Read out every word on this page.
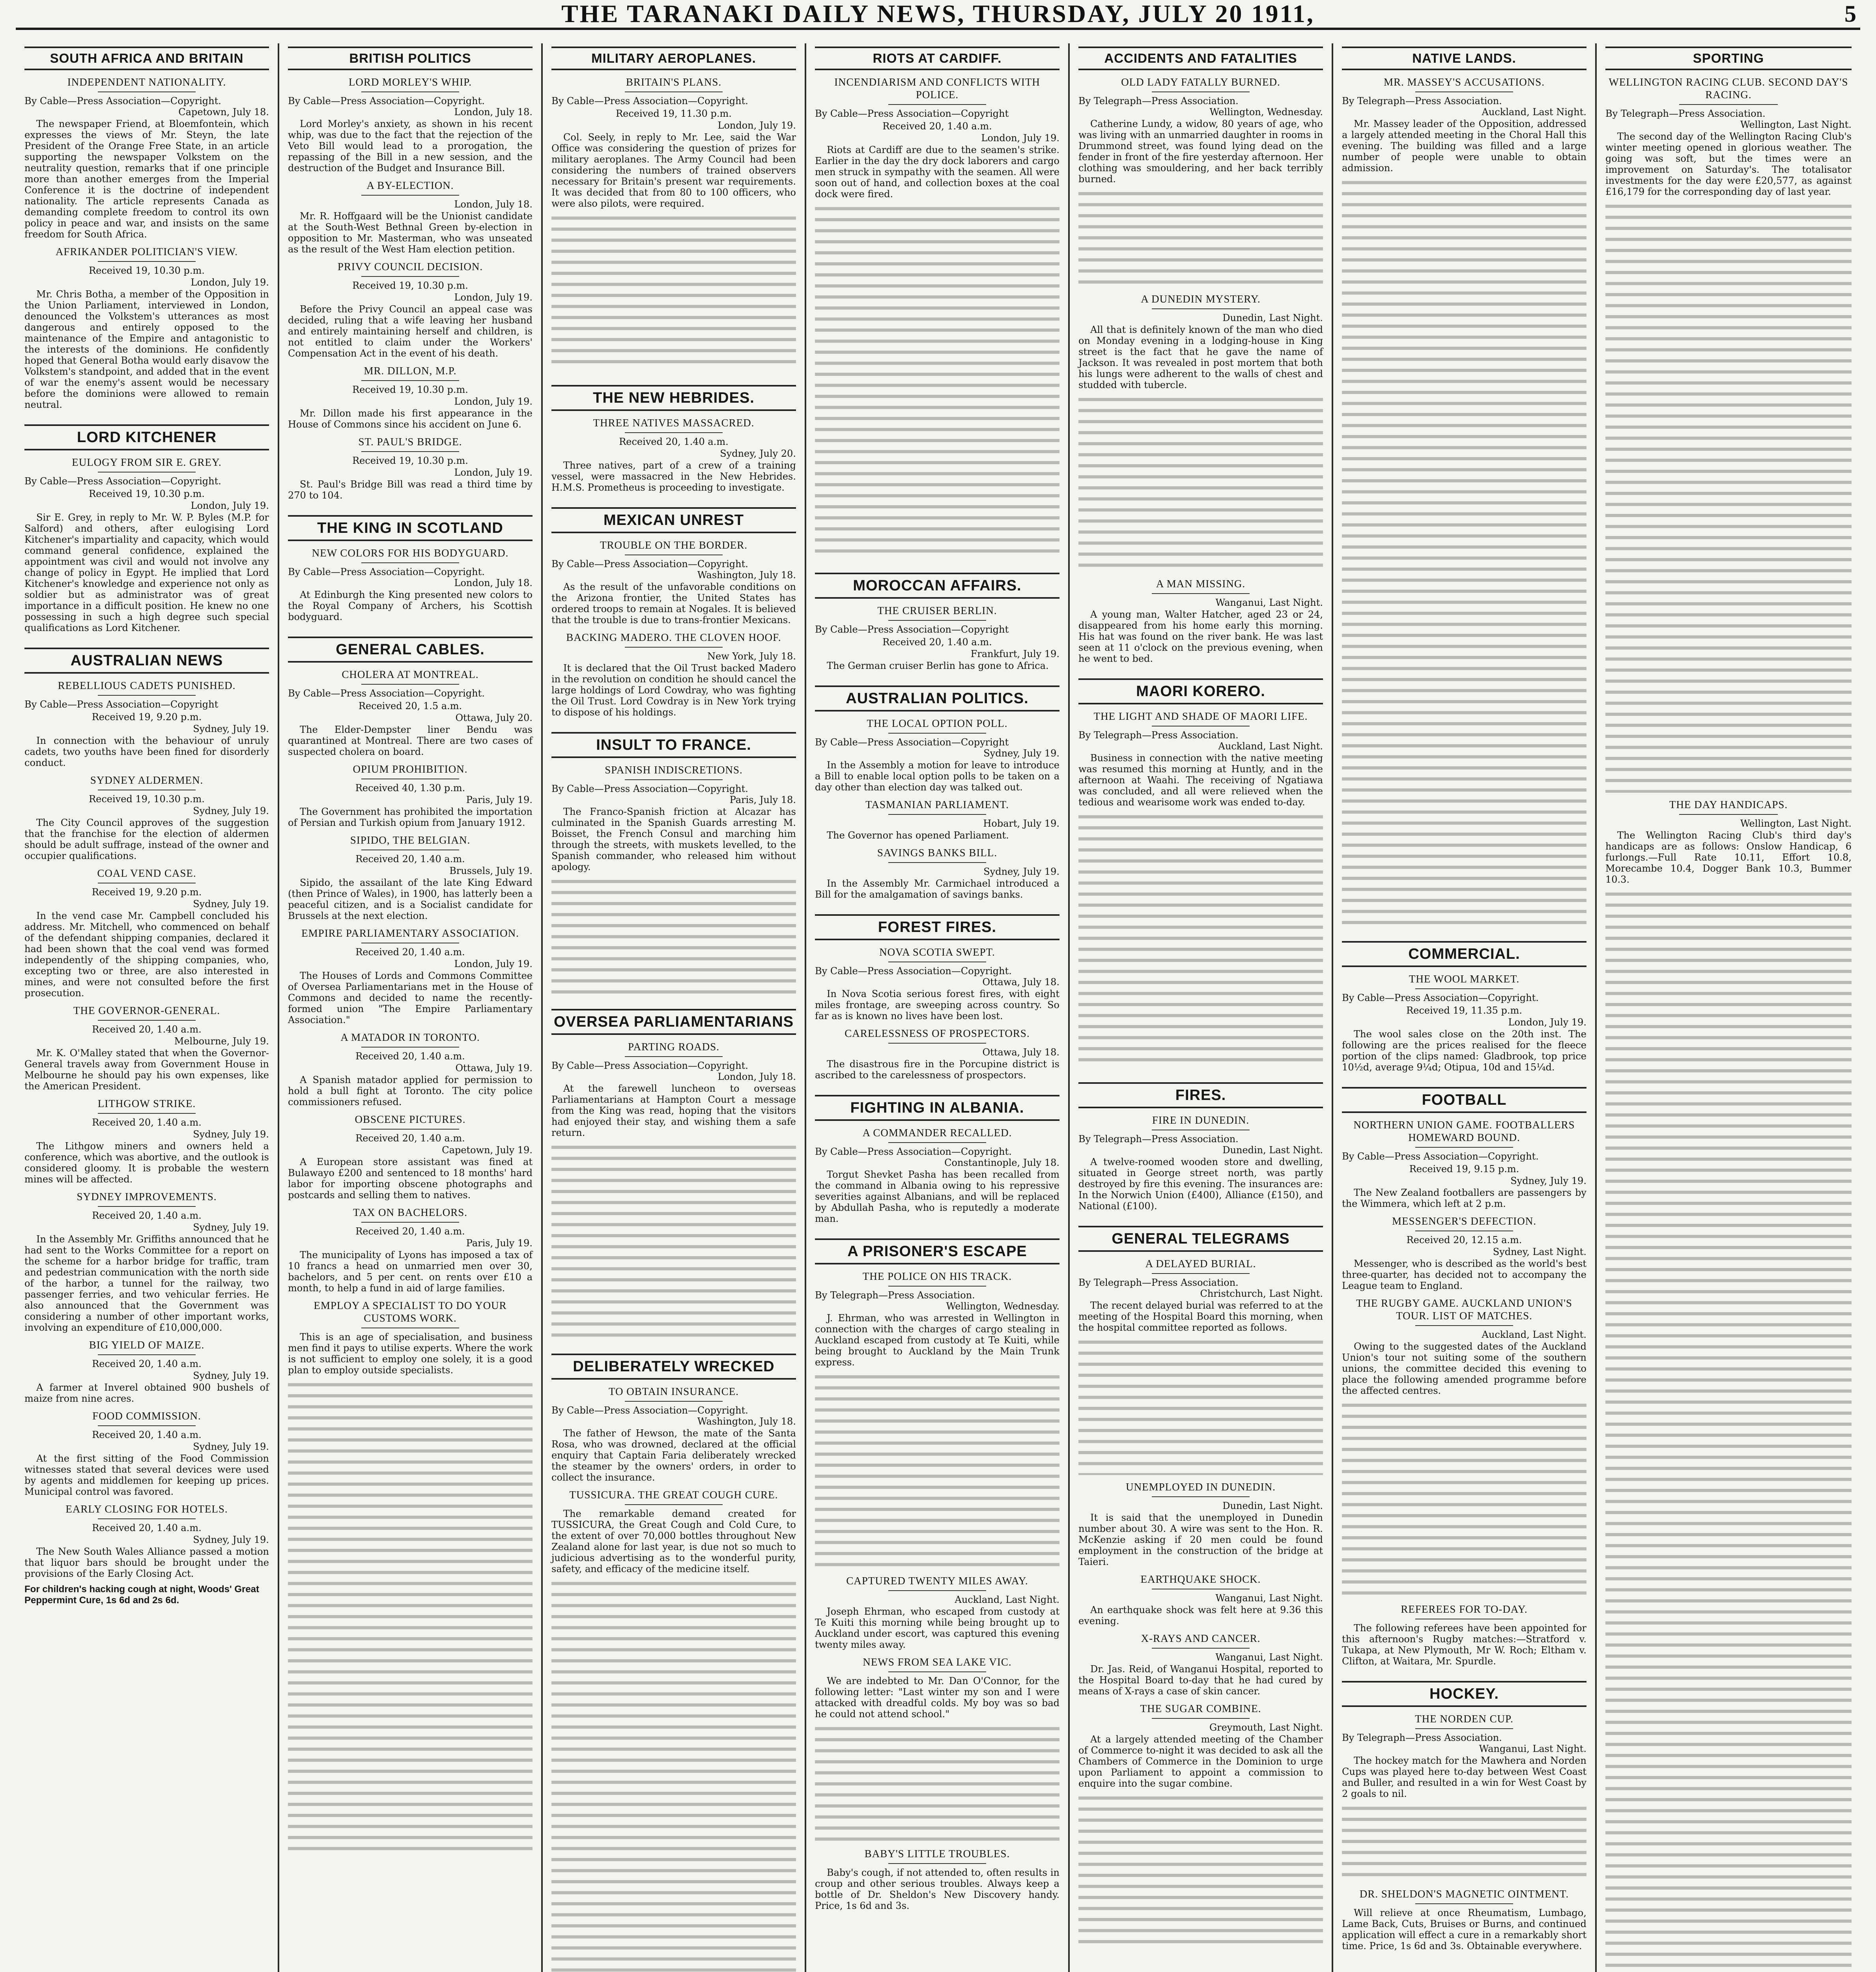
THE TARANAKI DAILY NEWS, THURSDAY, JULY 20 1911,	5
SOUTH AFRICA AND BRITAIN
INDEPENDENT NATIONALITY.
By Cable—Press Association—Copyright.
Capetown, July 18.

The newspaper Friend, at Bloemfontein, which expresses the views of Mr. Steyn, the late President of the Orange Free State, in an article supporting the newspaper Volkstem on the neutrality question, remarks that if one principle more than another emerges from the Imperial Conference it is the doctrine of independent nationality. The article represents Canada as demanding complete freedom to control its own policy in peace and war, and insists on the same freedom for South Africa.

AFRIKANDER POLITICIAN'S VIEW.
Received 19, 10.30 p.m.
London, July 19.

Mr. Chris Botha, a member of the Opposition in the Union Parliament, interviewed in London, denounced the Volkstem's utterances as most dangerous and entirely opposed to the maintenance of the Empire and antagonistic to the interests of the dominions. He confidently hoped that General Botha would early disavow the Volkstem's standpoint, and added that in the event of war the enemy's assent would be necessary before the dominions were allowed to remain neutral.

LORD KITCHENER
EULOGY FROM SIR E. GREY.
By Cable—Press Association—Copyright.
Received 19, 10.30 p.m.
London, July 19.

Sir E. Grey, in reply to Mr. W. P. Byles (M.P. for Salford) and others, after eulogising Lord Kitchener's impartiality and capacity, which would command general confidence, explained the appointment was civil and would not involve any change of policy in Egypt. He implied that Lord Kitchener's knowledge and experience not only as soldier but as administrator was of great importance in a difficult position. He knew no one possessing in such a high degree such special qualifications as Lord Kitchener.

AUSTRALIAN NEWS
REBELLIOUS CADETS PUNISHED.
By Cable—Press Association—Copyright
Received 19, 9.20 p.m.
Sydney, July 19.

In connection with the behaviour of unruly cadets, two youths have been fined for disorderly conduct.

SYDNEY ALDERMEN.
Received 19, 10.30 p.m.
Sydney, July 19.

The City Council approves of the suggestion that the franchise for the election of aldermen should be adult suffrage, instead of the owner and occupier qualifications.

COAL VEND CASE.
Received 19, 9.20 p.m.
Sydney, July 19.

In the vend case Mr. Campbell concluded his address. Mr. Mitchell, who commenced on behalf of the defendant shipping companies, declared it had been shown that the coal vend was formed independently of the shipping companies, who, excepting two or three, are also interested in mines, and were not consulted before the first prosecution.

THE GOVERNOR-GENERAL.
Received 20, 1.40 a.m.
Melbourne, July 19.

Mr. K. O'Malley stated that when the Governor-General travels away from Government House in Melbourne he should pay his own expenses, like the American President.

LITHGOW STRIKE.
Received 20, 1.40 a.m.
Sydney, July 19.

The Lithgow miners and owners held a conference, which was abortive, and the outlook is considered gloomy. It is probable the western mines will be affected.

SYDNEY IMPROVEMENTS.
Received 20, 1.40 a.m.
Sydney, July 19.

In the Assembly Mr. Griffiths announced that he had sent to the Works Committee for a report on the scheme for a harbor bridge for traffic, tram and pedestrian communication with the north side of the harbor, a tunnel for the railway, two passenger ferries, and two vehicular ferries. He also announced that the Government was considering a number of other important works, involving an expenditure of £10,000,000.

BIG YIELD OF MAIZE.
Received 20, 1.40 a.m.
Sydney, July 19.

A farmer at Inverel obtained 900 bushels of maize from nine acres.

FOOD COMMISSION.
Received 20, 1.40 a.m.
Sydney, July 19.

At the first sitting of the Food Commission witnesses stated that several devices were used by agents and middlemen for keeping up prices. Municipal control was favored.

EARLY CLOSING FOR HOTELS.
Received 20, 1.40 a.m.
Sydney, July 19.

The New South Wales Alliance passed a motion that liquor bars should be brought under the provisions of the Early Closing Act.

For children's hacking cough at night, Woods' Great Peppermint Cure, 1s 6d and 2s 6d.

BRITISH POLITICS
LORD MORLEY'S WHIP.
By Cable—Press Association—Copyright.
London, July 18.

Lord Morley's anxiety, as shown in his recent whip, was due to the fact that the rejection of the Veto Bill would lead to a prorogation, the repassing of the Bill in a new session, and the destruction of the Budget and Insurance Bill.

A BY-ELECTION.
London, July 18.

Mr. R. Hoffgaard will be the Unionist candidate at the South-West Bethnal Green by-election in opposition to Mr. Masterman, who was unseated as the result of the West Ham election petition.

PRIVY COUNCIL DECISION.
Received 19, 10.30 p.m.
London, July 19.

Before the Privy Council an appeal case was decided, ruling that a wife leaving her husband and entirely maintaining herself and children, is not entitled to claim under the Workers' Compensation Act in the event of his death.

MR. DILLON, M.P.
Received 19, 10.30 p.m.
London, July 19.

Mr. Dillon made his first appearance in the House of Commons since his accident on June 6.

ST. PAUL'S BRIDGE.
Received 19, 10.30 p.m.
London, July 19.

St. Paul's Bridge Bill was read a third time by 270 to 104.

THE KING IN SCOTLAND
NEW COLORS FOR HIS BODYGUARD.
By Cable—Press Association—Copyright.
London, July 18.

At Edinburgh the King presented new colors to the Royal Company of Archers, his Scottish bodyguard.

GENERAL CABLES.
CHOLERA AT MONTREAL.
By Cable—Press Association—Copyright.
Received 20, 1.5 a.m.
Ottawa, July 20.

The Elder-Dempster liner Bendu was quarantined at Montreal. There are two cases of suspected cholera on board.

OPIUM PROHIBITION.
Received 40, 1.30 p.m.
Paris, July 19.

The Government has prohibited the importation of Persian and Turkish opium from January 1912.

SIPIDO, THE BELGIAN.
Received 20, 1.40 a.m.
Brussels, July 19.

Sipido, the assailant of the late King Edward (then Prince of Wales), in 1900, has latterly been a peaceful citizen, and is a Socialist candidate for Brussels at the next election.

EMPIRE PARLIAMENTARY ASSOCIATION.
Received 20, 1.40 a.m.
London, July 19.

The Houses of Lords and Commons Committee of Oversea Parliamentarians met in the House of Commons and decided to name the recently-formed union "The Empire Parliamentary Association."

A MATADOR IN TORONTO.
Received 20, 1.40 a.m.
Ottawa, July 19.

A Spanish matador applied for permission to hold a bull fight at Toronto. The city police commissioners refused.

OBSCENE PICTURES.
Received 20, 1.40 a.m.
Capetown, July 19.

A European store assistant was fined at Bulawayo £200 and sentenced to 18 months' hard labor for importing obscene photographs and postcards and selling them to natives.

TAX ON BACHELORS.
Received 20, 1.40 a.m.
Paris, July 19.

The municipality of Lyons has imposed a tax of 10 francs a head on unmarried men over 30, bachelors, and 5 per cent. on rents over £10 a month, to help a fund in aid of large families.

EMPLOY A SPECIALIST TO DO YOUR CUSTOMS WORK.

This is an age of specialisation, and business men find it pays to utilise experts. Where the work is not sufficient to employ one solely, it is a good plan to employ outside specialists.

MILITARY AEROPLANES.
BRITAIN'S PLANS.
By Cable—Press Association—Copyright.
Received 19, 11.30 p.m.
London, July 19.

Col. Seely, in reply to Mr. Lee, said the War Office was considering the question of prizes for military aeroplanes. The Army Council had been considering the numbers of trained observers necessary for Britain's present war requirements. It was decided that from 80 to 100 officers, who were also pilots, were required.

THE NEW HEBRIDES.
THREE NATIVES MASSACRED.
Received 20, 1.40 a.m.
Sydney, July 20.

Three natives, part of a crew of a training vessel, were massacred in the New Hebrides. H.M.S. Prometheus is proceeding to investigate.

MEXICAN UNREST
TROUBLE ON THE BORDER.
By Cable—Press Association—Copyright.
Washington, July 18.

As the result of the unfavorable conditions on the Arizona frontier, the United States has ordered troops to remain at Nogales. It is believed that the trouble is due to trans-frontier Mexicans.

BACKING MADERO. THE CLOVEN HOOF.
New York, July 18.

It is declared that the Oil Trust backed Madero in the revolution on condition he should cancel the large holdings of Lord Cowdray, who was fighting the Oil Trust. Lord Cowdray is in New York trying to dispose of his holdings.

INSULT TO FRANCE.
SPANISH INDISCRETIONS.
By Cable—Press Association—Copyright.
Paris, July 18.

The Franco-Spanish friction at Alcazar has culminated in the Spanish Guards arresting M. Boisset, the French Consul and marching him through the streets, with muskets levelled, to the Spanish commander, who released him without apology.

OVERSEA PARLIAMENTARIANS
PARTING ROADS.
By Cable—Press Association—Copyright.
London, July 18.

At the farewell luncheon to overseas Parliamentarians at Hampton Court a message from the King was read, hoping that the visitors had enjoyed their stay, and wishing them a safe return.

DELIBERATELY WRECKED
TO OBTAIN INSURANCE.
By Cable—Press Association—Copyright.
Washington, July 18.

The father of Hewson, the mate of the Santa Rosa, who was drowned, declared at the official enquiry that Captain Faria deliberately wrecked the steamer by the owners' orders, in order to collect the insurance.

TUSSICURA. THE GREAT COUGH CURE.

The remarkable demand created for TUSSICURA, the Great Cough and Cold Cure, to the extent of over 70,000 bottles throughout New Zealand alone for last year, is due not so much to judicious advertising as to the wonderful purity, safety, and efficacy of the medicine itself.

RIOTS AT CARDIFF.
INCENDIARISM AND CONFLICTS WITH POLICE.
By Cable—Press Association—Copyright
Received 20, 1.40 a.m.
London, July 19.

Riots at Cardiff are due to the seamen's strike. Earlier in the day the dry dock laborers and cargo men struck in sympathy with the seamen. All were soon out of hand, and collection boxes at the coal dock were fired.

MOROCCAN AFFAIRS.
THE CRUISER BERLIN.
By Cable—Press Association—Copyright
Received 20, 1.40 a.m.
Frankfurt, July 19.

The German cruiser Berlin has gone to Africa.

AUSTRALIAN POLITICS.
THE LOCAL OPTION POLL.
By Cable—Press Association—Copyright
Sydney, July 19.

In the Assembly a motion for leave to introduce a Bill to enable local option polls to be taken on a day other than election day was talked out.

TASMANIAN PARLIAMENT.
Hobart, July 19.

The Governor has opened Parliament.

SAVINGS BANKS BILL.
Sydney, July 19.

In the Assembly Mr. Carmichael introduced a Bill for the amalgamation of savings banks.

FOREST FIRES.
NOVA SCOTIA SWEPT.
By Cable—Press Association—Copyright.
Ottawa, July 18.

In Nova Scotia serious forest fires, with eight miles frontage, are sweeping across country. So far as is known no lives have been lost.

CARELESSNESS OF PROSPECTORS.
Ottawa, July 18.

The disastrous fire in the Porcupine district is ascribed to the carelessness of prospectors.

FIGHTING IN ALBANIA.
A COMMANDER RECALLED.
By Cable—Press Association—Copyright.
Constantinople, July 18.

Torgut Shevket Pasha has been recalled from the command in Albania owing to his repressive severities against Albanians, and will be replaced by Abdullah Pasha, who is reputedly a moderate man.

A PRISONER'S ESCAPE
THE POLICE ON HIS TRACK.
By Telegraph—Press Association.
Wellington, Wednesday.

J. Ehrman, who was arrested in Wellington in connection with the charges of cargo stealing in Auckland escaped from custody at Te Kuiti, while being brought to Auckland by the Main Trunk express.

CAPTURED TWENTY MILES AWAY.
Auckland, Last Night.

Joseph Ehrman, who escaped from custody at Te Kuiti this morning while being brought up to Auckland under escort, was captured this evening twenty miles away.

NEWS FROM SEA LAKE VIC.

We are indebted to Mr. Dan O'Connor, for the following letter: "Last winter my son and I were attacked with dreadful colds. My boy was so bad he could not attend school."

BABY'S LITTLE TROUBLES.

Baby's cough, if not attended to, often results in croup and other serious troubles. Always keep a bottle of Dr. Sheldon's New Discovery handy. Price, 1s 6d and 3s.

ACCIDENTS AND FATALITIES
OLD LADY FATALLY BURNED.
By Telegraph—Press Association.
Wellington, Wednesday.

Catherine Lundy, a widow, 80 years of age, who was living with an unmarried daughter in rooms in Drummond street, was found lying dead on the fender in front of the fire yesterday afternoon. Her clothing was smouldering, and her back terribly burned.

A DUNEDIN MYSTERY.
Dunedin, Last Night.

All that is definitely known of the man who died on Monday evening in a lodging-house in King street is the fact that he gave the name of Jackson. It was revealed in post mortem that both his lungs were adherent to the walls of chest and studded with tubercle.

A MAN MISSING.
Wanganui, Last Night.

A young man, Walter Hatcher, aged 23 or 24, disappeared from his home early this morning. His hat was found on the river bank. He was last seen at 11 o'clock on the previous evening, when he went to bed.

MAORI KORERO.
THE LIGHT AND SHADE OF MAORI LIFE.
By Telegraph—Press Association.
Auckland, Last Night.

Business in connection with the native meeting was resumed this morning at Huntly, and in the afternoon at Waahi. The receiving of Ngatiawa was concluded, and all were relieved when the tedious and wearisome work was ended to-day.

FIRES.
FIRE IN DUNEDIN.
By Telegraph—Press Association.
Dunedin, Last Night.

A twelve-roomed wooden store and dwelling, situated in George street north, was partly destroyed by fire this evening. The insurances are: In the Norwich Union (£400), Alliance (£150), and National (£100).

GENERAL TELEGRAMS
A DELAYED BURIAL.
By Telegraph—Press Association.
Christchurch, Last Night.

The recent delayed burial was referred to at the meeting of the Hospital Board this morning, when the hospital committee reported as follows.

UNEMPLOYED IN DUNEDIN.
Dunedin, Last Night.

It is said that the unemployed in Dunedin number about 30. A wire was sent to the Hon. R. McKenzie asking if 20 men could be found employment in the construction of the bridge at Taieri.

EARTHQUAKE SHOCK.
Wanganui, Last Night.

An earthquake shock was felt here at 9.36 this evening.

X-RAYS AND CANCER.
Wanganui, Last Night.

Dr. Jas. Reid, of Wanganui Hospital, reported to the Hospital Board to-day that he had cured by means of X-rays a case of skin cancer.

THE SUGAR COMBINE.
Greymouth, Last Night.

At a largely attended meeting of the Chamber of Commerce to-night it was decided to ask all the Chambers of Commerce in the Dominion to urge upon Parliament to appoint a commission to enquire into the sugar combine.

NATIVE LANDS.
MR. MASSEY'S ACCUSATIONS.
By Telegraph—Press Association.
Auckland, Last Night.

Mr. Massey leader of the Opposition, addressed a largely attended meeting in the Choral Hall this evening. The building was filled and a large number of people were unable to obtain admission.

COMMERCIAL.
THE WOOL MARKET.
By Cable—Press Association—Copyright.
Received 19, 11.35 p.m.
London, July 19.

The wool sales close on the 20th inst. The following are the prices realised for the fleece portion of the clips named: Gladbrook, top price 10½d, average 9¼d; Otipua, 10d and 15¼d.

FOOTBALL
NORTHERN UNION GAME. FOOTBALLERS HOMEWARD BOUND.
By Cable—Press Association—Copyright.
Received 19, 9.15 p.m.
Sydney, July 19.

The New Zealand footballers are passengers by the Wimmera, which left at 2 p.m.

MESSENGER'S DEFECTION.
Received 20, 12.15 a.m.
Sydney, Last Night.

Messenger, who is described as the world's best three-quarter, has decided not to accompany the League team to England.

THE RUGBY GAME. AUCKLAND UNION'S TOUR. LIST OF MATCHES.
Auckland, Last Night.

Owing to the suggested dates of the Auckland Union's tour not suiting some of the southern unions, the committee decided this evening to place the following amended programme before the affected centres.

REFEREES FOR TO-DAY.

The following referees have been appointed for this afternoon's Rugby matches:—Stratford v. Tukapa, at New Plymouth, Mr W. Roch; Eltham v. Clifton, at Waitara, Mr. Spurdle.

HOCKEY.
THE NORDEN CUP.
By Telegraph—Press Association.
Wanganui, Last Night.

The hockey match for the Mawhera and Norden Cups was played here to-day between West Coast and Buller, and resulted in a win for West Coast by 2 goals to nil.

DR. SHELDON'S MAGNETIC OINTMENT.

Will relieve at once Rheumatism, Lumbago, Lame Back, Cuts, Bruises or Burns, and continued application will effect a cure in a remarkably short time. Price, 1s 6d and 3s. Obtainable everywhere.

SPORTING
WELLINGTON RACING CLUB. SECOND DAY'S RACING.
By Telegraph—Press Association.
Wellington, Last Night.

The second day of the Wellington Racing Club's winter meeting opened in glorious weather. The going was soft, but the times were an improvement on Saturday's. The totalisator investments for the day were £20,577, as against £16,179 for the corresponding day of last year.

THE DAY HANDICAPS.
Wellington, Last Night.

The Wellington Racing Club's third day's handicaps are as follows: Onslow Handicap, 6 furlongs.—Full Rate 10.11, Effort 10.8, Morecambe 10.4, Dogger Bank 10.3, Bummer 10.3.
